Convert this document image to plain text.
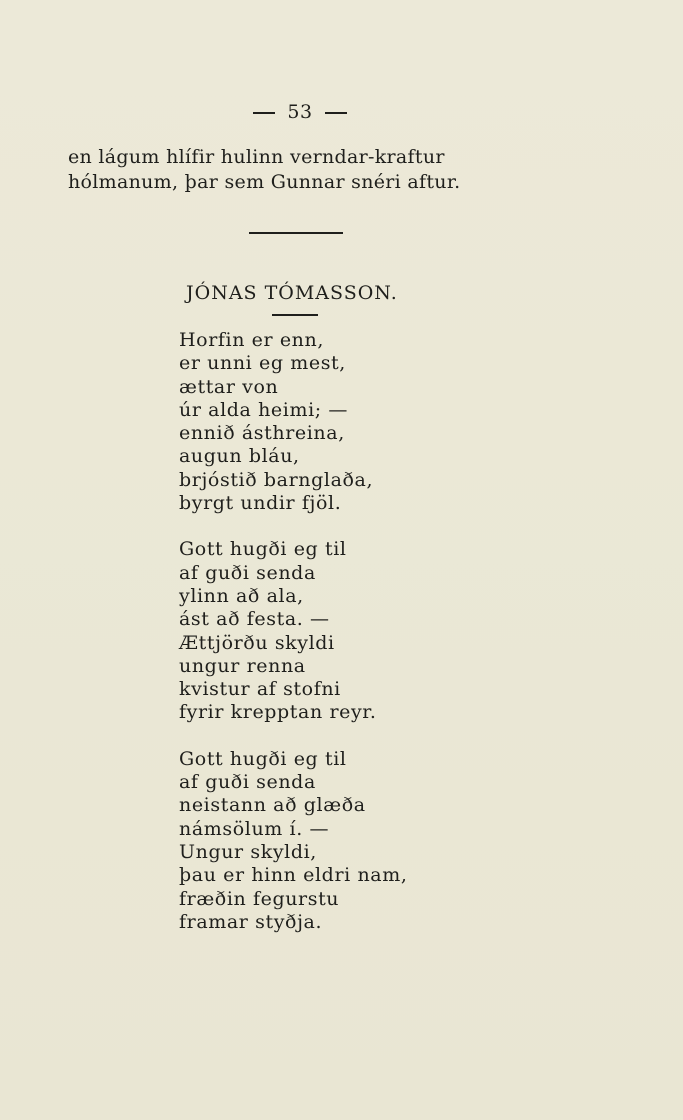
53
en lágum hlífir hulinn verndar-kraftur
hólmanum, þar sem Gunnar snéri aftur.
JÓNAS TÓMASSON.
Horfin er enn,
er unni eg mest,
ættar von
úr alda heimi; —
ennið ásthreina,
augun bláu,
brjóstið barnglaða,
byrgt undir fjöl.
Gott hugði eg til
af guði senda
ylinn að ala,
ást að festa. —
Ættjörðu skyldi
ungur renna
kvistur af stofni
fyrir krepptan reyr.
Gott hugði eg til
af guði senda
neistann að glæða
námsölum í. —
Ungur skyldi,
þau er hinn eldri nam,
fræðin fegurstu
framar styðja.
